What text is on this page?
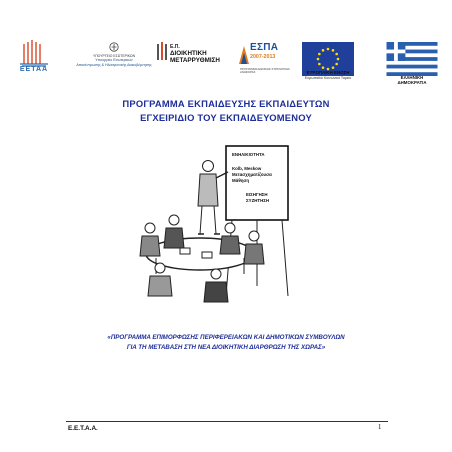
EETAA
ΥΠΟΥΡΓΕΙΟ ΕΣΩΤΕΡΙΚΩΝ
Υπουργείο Εσωτερικών
Αποκέντρωσης & Ηλεκτρονικής Διακυβέρνησης
Ε.Π.
ΔΙΟΙΚΗΤΙΚΗ
ΜΕΤΑΡΡΥΘΜΙΣΗ
ΕΣΠΑ
2007-2013
ΠΡΟΓΡΑΜΜΑ ΕΘΝΙΚΗΣ ΣΤΡΑΤΗΓΙΚΗΣ ΑΝΑΦΟΡΑΣ	ΕΥΡΩΠΑΪΚΗ ΕΝΩΣΗ
Ευρωπαϊκό Κοινωνικό Ταμείο	ΕΛΛΗΝΙΚΗ
ΔΗΜΟΚΡΑΤΙΑ
ΠΡΟΓΡΑΜΜΑ ΕΚΠΑΙΔΕΥΣΗΣ ΕΚΠΑΙΔΕΥΤΩΝ
ΕΓΧΕΙΡΙΔΙΟ ΤΟΥ ΕΚΠΑΙΔΕΥΟΜΕΝΟΥ
ΕΝΗΛΙΚΙΟΤΗΤΑ
Κolb, Meskow
Μετασχηματίζουσα
Μάθηση
ΕΙΣΗΓΗΣΗ
ΣΥΖΗΤΗΣΗ
«ΠΡΟΓΡΑΜΜΑ ΕΠΙΜΟΡΦΩΣΗΣ ΠΕΡΙΦΕΡΕΙΑΚΩΝ ΚΑΙ ΔΗΜΟΤΙΚΩΝ ΣΥΜΒΟΥΛΩΝ
ΓΙΑ ΤΗ ΜΕΤΑΒΑΣΗ ΣΤΗ ΝΕΑ ΔΙΟΙΚΗΤΙΚΗ ΔΙΑΡΘΡΩΣΗ ΤΗΣ ΧΩΡΑΣ»
Ε.Ε.Τ.Α.Α.	1
